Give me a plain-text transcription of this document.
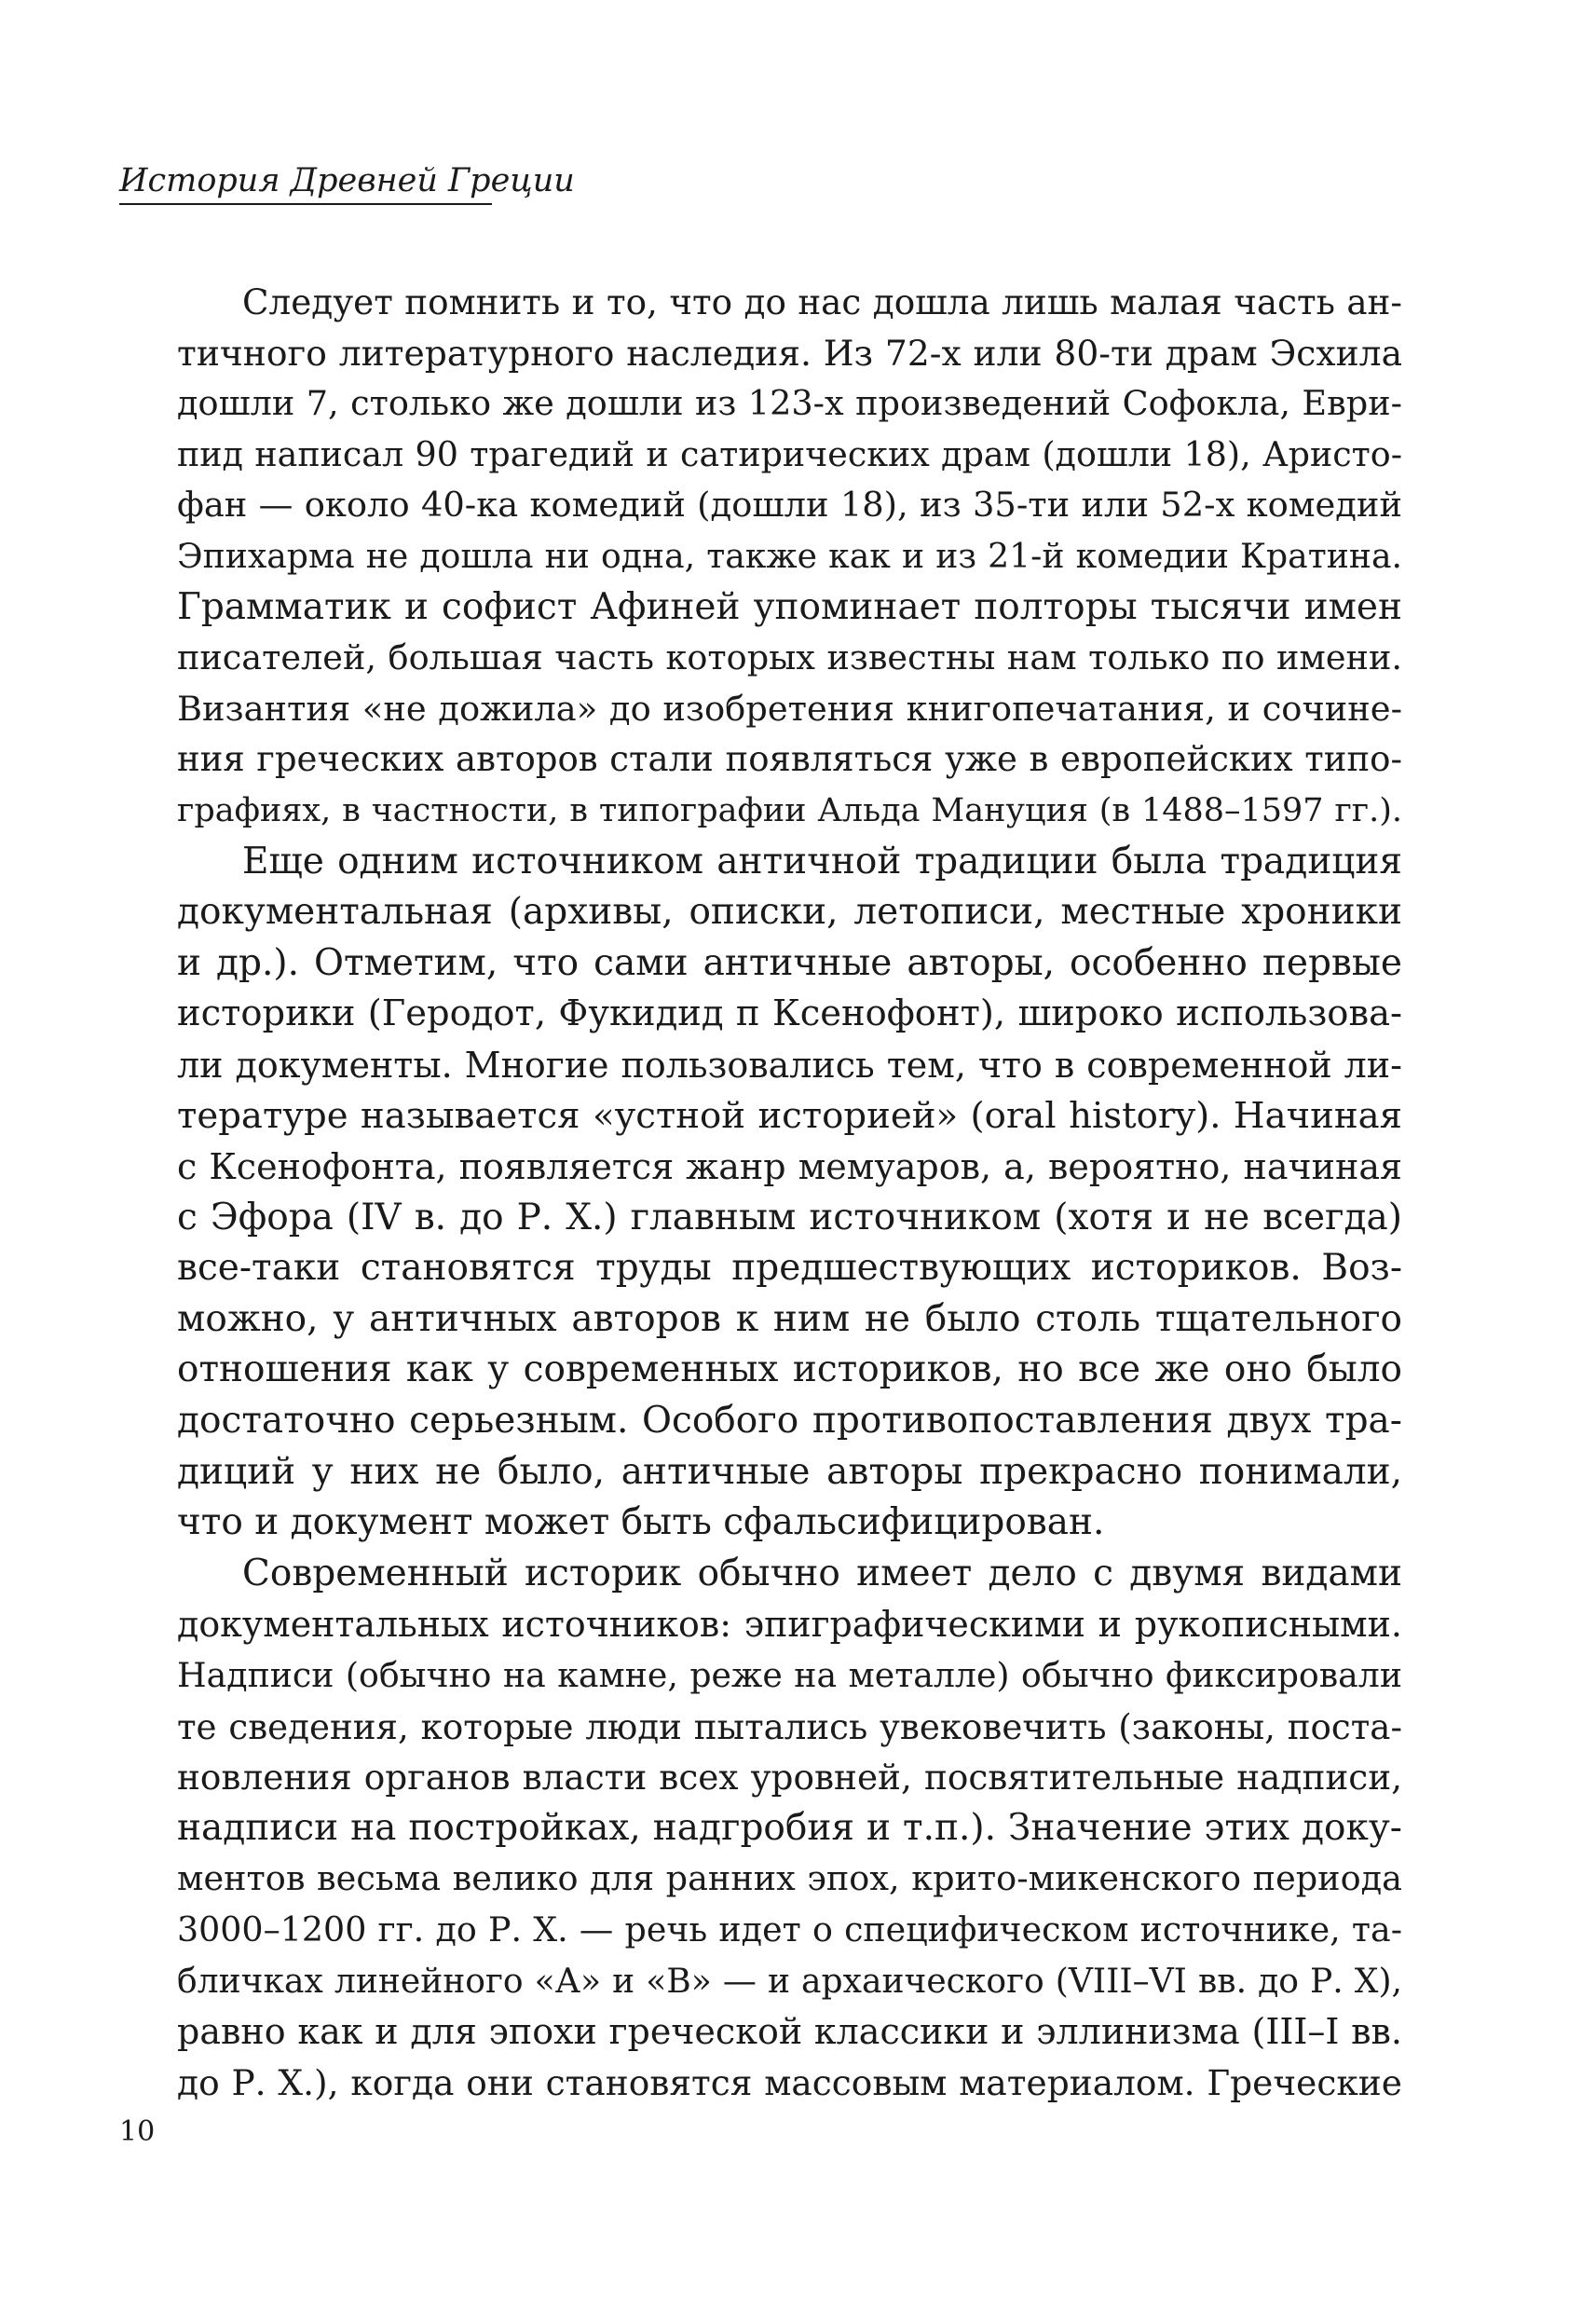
История Древней Греции
Следует помнить и то, что до нас дошла лишь малая часть ан-
тичного литературного наследия. Из 72-х или 80-ти драм Эсхила
дошли 7, столько же дошли из 123-х произведений Софокла, Еври-
пид написал 90 трагедий и сатирических драм (дошли 18), Аристо-
фан — около 40-ка комедий (дошли 18), из 35-ти или 52-х комедий
Эпихарма не дошла ни одна, также как и из 21-й комедии Кратина.
Грамматик и софист Афиней упоминает полторы тысячи имен
писателей, большая часть которых известны нам только по имени.
Византия «не дожила» до изобретения книгопечатания, и сочине-
ния греческих авторов стали появляться уже в европейских типо-
графиях, в частности, в типографии Альда Мануция (в 1488–1597 гг.).
Еще одним источником античной традиции была традиция
документальная (архивы, описки, летописи, местные хроники
и др.). Отметим, что сами античные авторы, особенно первые
историки (Геродот, Фукидид п Ксенофонт), широко использова-
ли документы. Многие пользовались тем, что в современной ли-
тературе называется «устной историей» (oral history). Начиная
с Ксенофонта, появляется жанр мемуаров, а, вероятно, начиная
с Эфора (IV в. до Р. Х.) главным источником (хотя и не всегда)
все-таки становятся труды предшествующих историков. Воз-
можно, у античных авторов к ним не было столь тщательного
отношения как у современных историков, но все же оно было
достаточно серьезным. Особого противопоставления двух тра-
диций у них не было, античные авторы прекрасно понимали,
что и документ может быть сфальсифицирован.
Современный историк обычно имеет дело с двумя видами
документальных источников: эпиграфическими и рукописными.
Надписи (обычно на камне, реже на металле) обычно фиксировали
те сведения, которые люди пытались увековечить (законы, поста-
новления органов власти всех уровней, посвятительные надписи,
надписи на постройках, надгробия и т.п.). Значение этих доку-
ментов весьма велико для ранних эпох, крито-микенского периода
3000–1200 гг. до Р. Х. — речь идет о специфическом источнике, та-
бличках линейного «А» и «В» — и архаического (VIII–VI вв. до Р. Х),
равно как и для эпохи греческой классики и эллинизма (III–I вв.
до Р. Х.), когда они становятся массовым материалом. Греческие
10
